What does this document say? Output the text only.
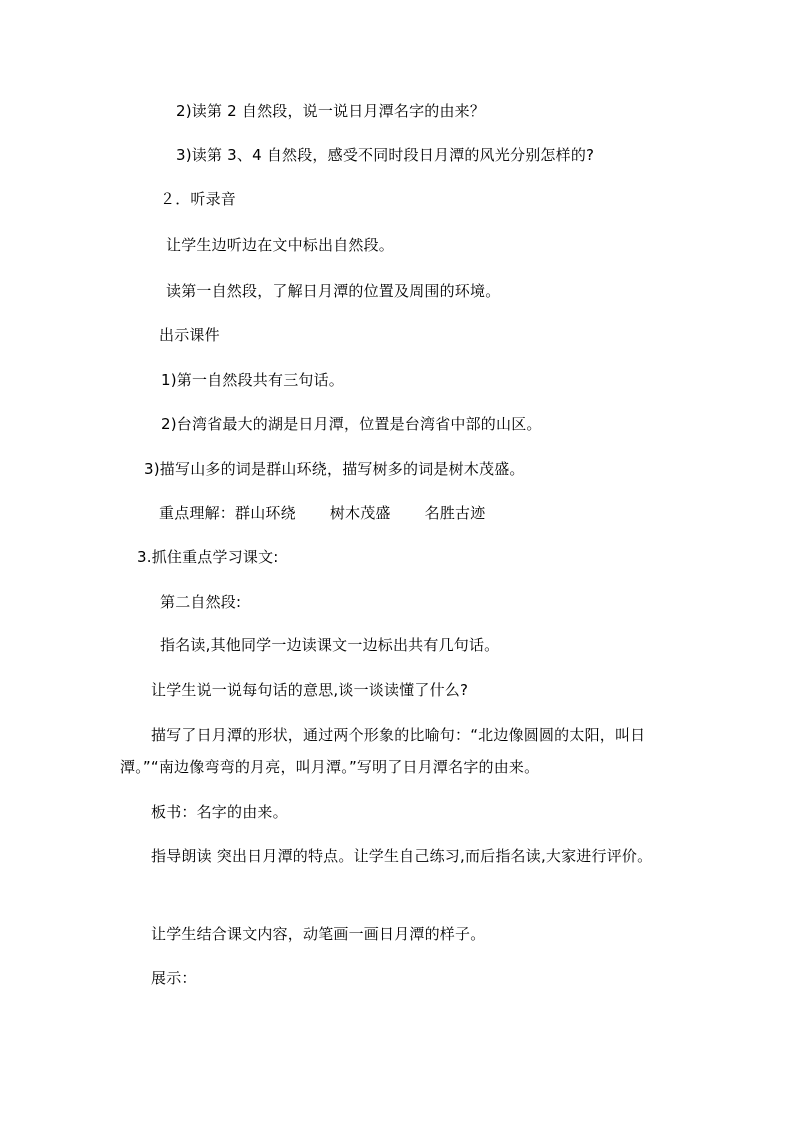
2)读第 2 自然段，说一说日月潭名字的由来？
3)读第 3、4 自然段，感受不同时段日月潭的风光分别怎样的?
２．听录音
让学生边听边在文中标出自然段。
读第一自然段，了解日月潭的位置及周围的环境。
出示课件
1)第一自然段共有三句话。
2)台湾省最大的湖是日月潭，位置是台湾省中部的山区。
3)描写山多的词是群山环绕，描写树多的词是树木茂盛。
重点理解：群山环绕 树木茂盛 名胜古迹
3.抓住重点学习课文:
第二自然段:
指名读,其他同学一边读课文一边标出共有几句话。
让学生说一说每句话的意思,谈一谈读懂了什么?
描写了日月潭的形状，通过两个形象的比喻句：“北边像圆圆的太阳，叫日
潭。”“南边像弯弯的月亮，叫月潭。”写明了日月潭名字的由来。
板书：名字的由来。
指导朗读 突出日月潭的特点。让学生自己练习,而后指名读,大家进行评价。
让学生结合课文内容，动笔画一画日月潭的样子。
展示：
